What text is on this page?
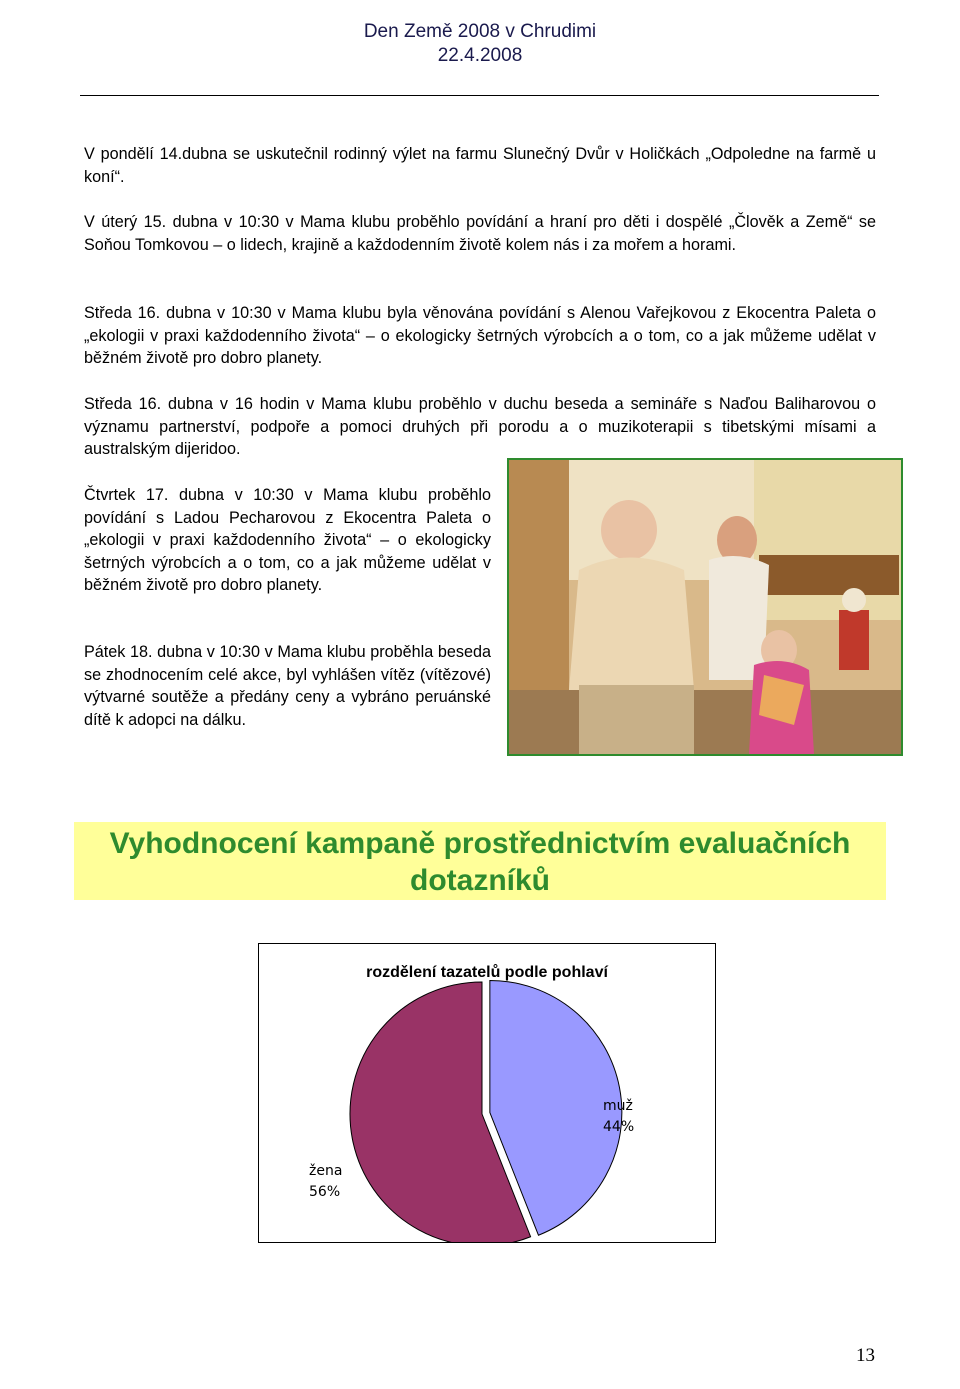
Den Země 2008 v Chrudimi
22.4.2008

V pondělí 14.dubna se uskutečnil rodinný výlet na farmu Slunečný Dvůr v Holičkách „Odpoledne na farmě u koní“.

V úterý 15. dubna v 10:30 v Mama klubu proběhlo povídání a hraní pro děti i dospělé „Člověk a Země“ se Soňou Tomkovou – o lidech, krajině a každodenním životě kolem nás i za mořem a horami.

Středa 16. dubna v 10:30 v Mama klubu byla věnována povídání s Alenou Vařejkovou z Ekocentra Paleta o „ekologii v praxi každodenního života“ – o ekologicky šetrných výrobcích a o tom, co a jak můžeme udělat v běžném životě pro dobro planety.

Středa 16. dubna v 16 hodin v Mama klubu proběhlo v duchu beseda a semináře s Naďou Baliharovou o významu partnerství, podpoře a pomoci druhých při porodu a o muzikoterapii s tibetskými mísami a australským dijeridoo.

Čtvrtek 17. dubna v 10:30 v Mama klubu proběhlo povídání s Ladou Pecharovou z Ekocentra Paleta o „ekologii v praxi každodenního života“ – o ekologicky šetrných výrobcích a o tom, co a jak můžeme udělat v běžném životě pro dobro planety.

Pátek 18. dubna v 10:30 v Mama klubu proběhla beseda se zhodnocením celé akce, byl vyhlášen vítěz (vítězové) výtvarné soutěže a předány ceny a vybráno peruánské dítě k adopci na dálku.

Vyhodnocení kampaně prostřednictvím evaluačních dotazníků
rozdělení tazatelů podle pohlaví
muž
44%
žena
56%
13
